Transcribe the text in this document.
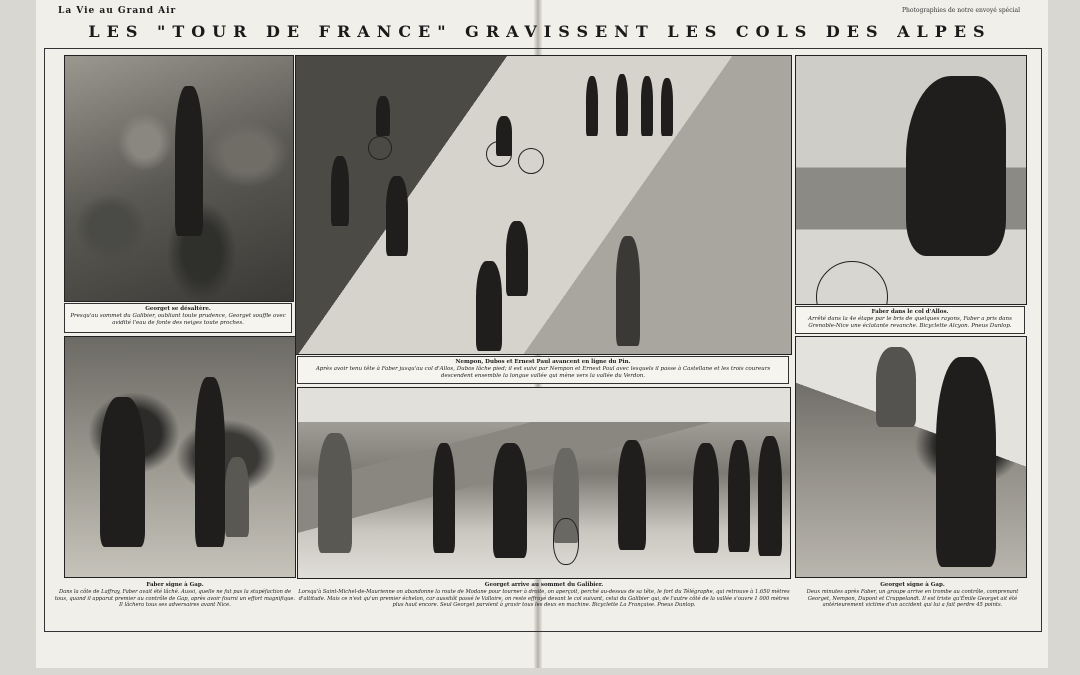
La Vie au Grand Air	Photographies de notre envoyé spécial
LES "TOUR DE FRANCE" GRAVISSENT LES COLS DES ALPES
Georget se désaltère.
Presqu'au sommet du Galibier, oubliant toute prudence, Georget souffle avec avidité l'eau de fonte des neiges toute proches.
Nempon, Dubos et Ernest Paul avancent en ligne du Pin.
Après avoir tenu tête à Faber jusqu'au col d'Allos, Dubos lâche pied; il est suivi par Nempon et Ernest Paul avec lesquels il passe à Castellane et les trois coureurs descendent ensemble la longue vallée qui mène vers la vallée du Verdon.
Faber dans le col d'Allos.
Arrêté dans la 4e étape par le bris de quelques rayons, Faber a pris dans Grenoble-Nice une éclatante revanche. Bicyclette Alcyon. Pneus Dunlop.
Faber signe à Gap.
Dans la côte de Laffray, Faber avait été lâché. Aussi, quelle ne fut pas la stupéfaction de tous, quand il apparut premier au contrôle de Gap, après avoir fourni un effort magnifique. Il lâchera tous ses adversaires avant Nice.
Georget arrive au sommet du Galibier.
Lorsqu'à Saint-Michel-de-Maurienne on abandonne la route de Modane pour tourner à droite, on aperçoit, perché au-dessus de sa tête, le fort du Télégraphe, qui retrouve à 1.650 mètres d'altitude. Mais ce n'est qu'un premier échelon, car aussitôt passé le Valloire, on reste effrayé devant le col suivant, celui du Galibier qui, de l'autre côté de la vallée s'ouvre 1 000 mètres plus haut encore. Seul Georget parvient à gravir tous les deux en machine. Bicyclette La Française. Pneus Dunlop.
Georget signe à Gap.
Deux minutes après Faber, un groupe arrive en trombe au contrôle, comprenant Georget, Nempon, Dupont et Cruppelandt. Il est triste qu'Émile Georget ait été antérieurement victime d'un accident qui lui a fait perdre 45 points.
